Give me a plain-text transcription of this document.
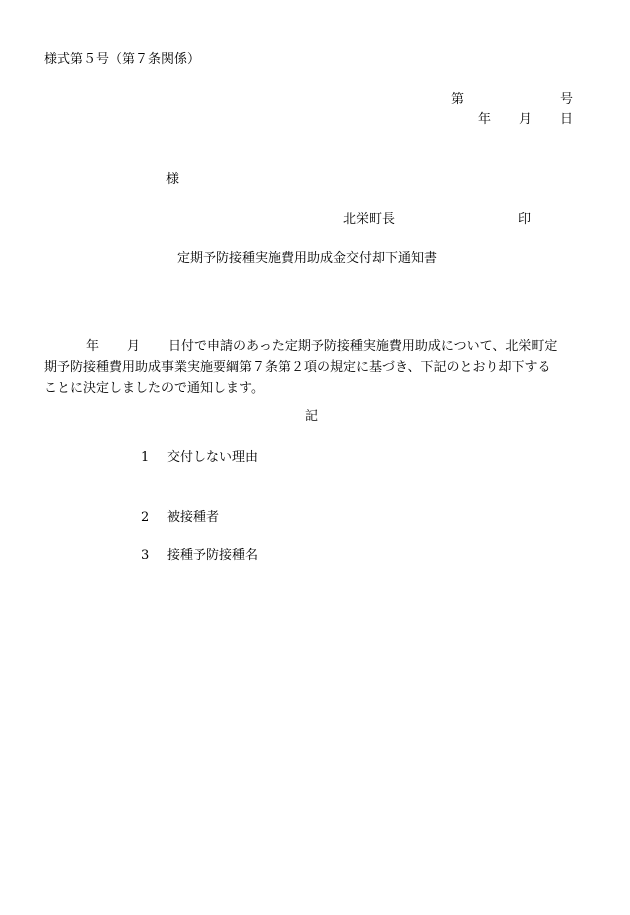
様式第５号（第７条関係）
第	号
年 月 日
様
北栄町長	印
定期予防接種実施費用助成金交付却下通知書
年 月 日付で申請のあった定期予防接種実施費用助成について、北栄町定
期予防接種費用助成事業実施要綱第７条第２項の規定に基づき、下記のとおり却下する
ことに決定しましたので通知します。
記
1 交付しない理由
2 被接種者
3 接種予防接種名
